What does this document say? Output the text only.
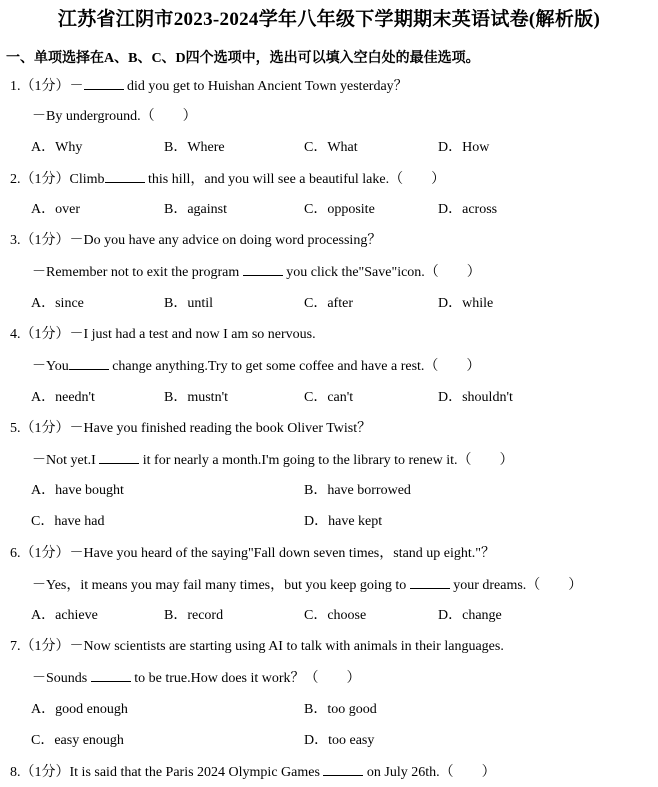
江苏省江阴市2023-2024学年八年级下学期期末英语试卷(解析版)
一、单项选择在A、B、C、D四个选项中，选出可以填入空白处的最佳选项。
1.（1分）－	did you get to Huishan Ancient Town yesterday？
－By underground.（　　）
A．Why	B．Where	C．What	D．How
2.（1分）Climb	this hill，and you will see a beautiful lake.（　　）
A．over	B．against	C．opposite	D．across
3.（1分）－Do you have any advice on doing word processing？
－Remember not to exit the program	you click the"Save"icon.（　　）
A．since	B．until	C．after	D．while
4.（1分）－I just had a test and now I am so nervous.
－You	change anything.Try to get some coffee and have a rest.（　　）
A．needn't	B．mustn't	C．can't	D．shouldn't
5.（1分）－Have you finished reading the book Oliver Twist？
－Not yet.I	it for nearly a month.I'm going to the library to renew it.（　　）
A．have bought	B．have borrowed
C．have had	D．have kept
6.（1分）－Have you heard of the saying"Fall down seven times，stand up eight."？
－Yes，it means you may fail many times，but you keep going to	your dreams.（　　）
A．achieve	B．record	C．choose	D．change
7.（1分）－Now scientists are starting using AI to talk with animals in their languages.
－Sounds	to be true.How does it work？（　　）
A．good enough	B．too good
C．easy enough	D．too easy
8.（1分）It is said that the Paris 2024 Olympic Games	on July 26th.（　　）
